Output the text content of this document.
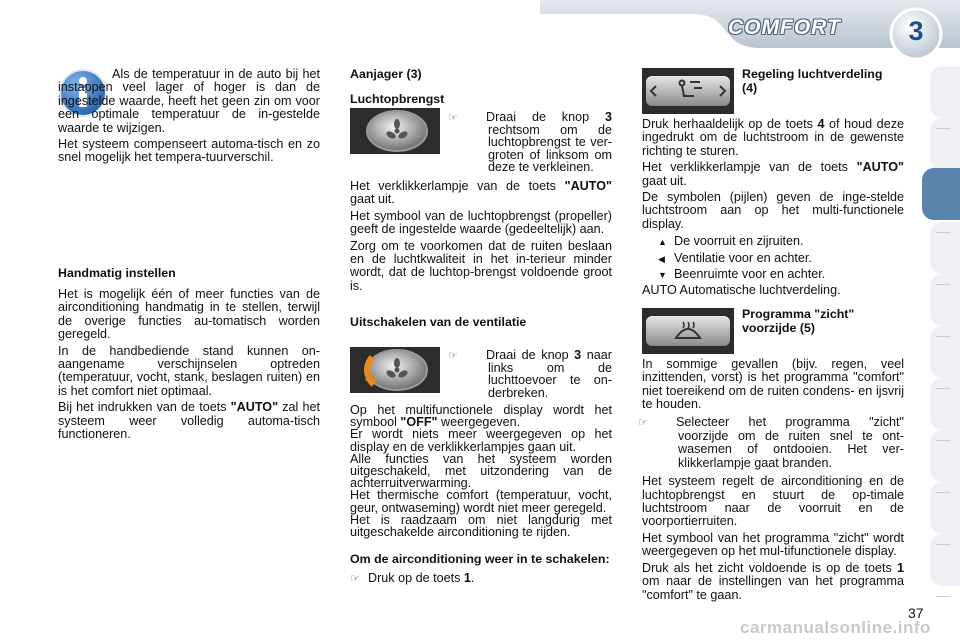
COMFORT	3

Als de temperatuur in de auto bij het instappen veel lager of hoger is dan de ingestelde waarde, heeft het geen zin om voor een optimale temperatuur de in-gestelde waarde te wijzigen.

Het systeem compenseert automa-tisch en zo snel mogelijk het tempera-tuurverschil.

Handmatig instellen

Het is mogelijk één of meer functies van de airconditioning handmatig in te stellen, terwijl de overige functies au-tomatisch worden geregeld.

In de handbediende stand kunnen on-aangename verschijnselen optreden (temperatuur, vocht, stank, beslagen ruiten) en is het comfort niet optimaal.

Bij het indrukken van de toets "AUTO" zal het systeem weer volledig automa-tisch functioneren.

Aanjager (3)
Luchtopbrengst

☞ Draai de knop 3 rechtsom om de luchtopbrengst te ver-groten of linksom om deze te verkleinen.

Het verklikkerlampje van de toets "AUTO" gaat uit.

Het symbool van de luchtopbrengst (propeller) geeft de ingestelde waarde (gedeeltelijk) aan.

Zorg om te voorkomen dat de ruiten beslaan en de luchtkwaliteit in het in-terieur minder wordt, dat de luchtop-brengst voldoende groot is.

Uitschakelen van de ventilatie

☞ Draai de knop 3 naar links om de luchttoevoer te on-derbreken.

Op het multifunctionele display wordt het symbool "OFF" weergegeven.

Er wordt niets meer weergegeven op het display en de verklikkerlampjes gaan uit.

Alle functies van het systeem worden uitgeschakeld, met uitzondering van de achterruitverwarming.

Het thermische comfort (temperatuur, vocht, geur, ontwaseming) wordt niet meer geregeld.

Het is raadzaam om niet langdurig met uitgeschakelde airconditioning te rijden.

Om de airconditioning weer in te schakelen:

☞ Druk op de toets 1.

Regeling luchtverdeling (4)

Druk herhaaldelijk op de toets 4 of houd deze ingedrukt om de luchtstroom in de gewenste richting te sturen.

Het verklikkerlampje van de toets "AUTO" gaat uit.

De symbolen (pijlen) geven de inge-stelde luchtstroom aan op het multi-functionele display.

▲ De voorruit en zijruiten.
◀ Ventilatie voor en achter.
▼ Beenruimte voor en achter.

AUTO Automatische luchtverdeling.

Programma "zicht" voorzijde (5)

In sommige gevallen (bijv. regen, veel inzittenden, vorst) is het programma "comfort" niet toereikend om de ruiten condens- en ijsvrij te houden.

☞ Selecteer het programma "zicht" voorzijde om de ruiten snel te ont-wasemen of ontdooien. Het ver-klikkerlampje gaat branden.

Het systeem regelt de airconditioning en de luchtopbrengst en stuurt de op-timale luchtstroom naar de voorruit en de voorportierruiten.

Het symbool van het programma "zicht" wordt weergegeven op het mul-tifunctionele display.

Druk als het zicht voldoende is op de toets 1 om naar de instellingen van het programma "comfort" te gaan.

37
carmanualsonline.info
